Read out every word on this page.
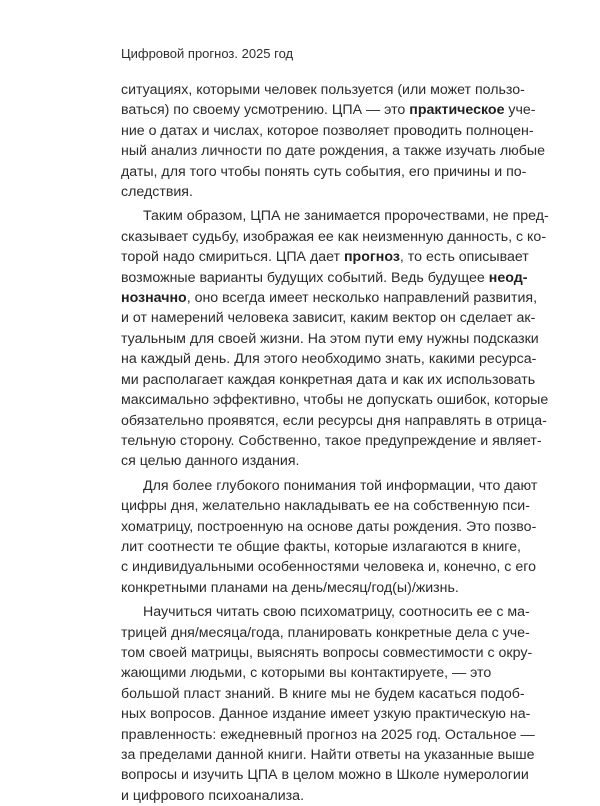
Цифровой прогноз. 2025 год
ситуациях, которыми человек пользуется (или может пользо-
ваться) по своему усмотрению. ЦПА — это практическое уче-
ние о датах и числах, которое позволяет проводить полноцен-
ный анализ личности по дате рождения, а также изучать любые
даты, для того чтобы понять суть события, его причины и по-
следствия.
Таким образом, ЦПА не занимается пророчествами, не пред-
сказывает судьбу, изображая ее как неизменную данность, с ко-
торой надо смириться. ЦПА дает прогноз, то есть описывает
возможные варианты будущих событий. Ведь будущее неод-
нозначно, оно всегда имеет несколько направлений развития,
и от намерений человека зависит, каким вектор он сделает ак-
туальным для своей жизни. На этом пути ему нужны подсказки
на каждый день. Для этого необходимо знать, какими ресурса-
ми располагает каждая конкретная дата и как их использовать
максимально эффективно, чтобы не допускать ошибок, которые
обязательно проявятся, если ресурсы дня направлять в отрица-
тельную сторону. Собственно, такое предупреждение и являет-
ся целью данного издания.
Для более глубокого понимания той информации, что дают
цифры дня, желательно накладывать ее на собственную пси-
хоматрицу, построенную на основе даты рождения. Это позво-
лит соотнести те общие факты, которые излагаются в книге,
с индивидуальными особенностями человека и, конечно, с его
конкретными планами на день/месяц/год(ы)/жизнь.
Научиться читать свою психоматрицу, соотносить ее с ма-
трицей дня/месяца/года, планировать конкретные дела с уче-
том своей матрицы, выяснять вопросы совместимости с окру-
жающими людьми, с которыми вы контактируете, — это
большой пласт знаний. В книге мы не будем касаться подоб-
ных вопросов. Данное издание имеет узкую практическую на-
правленность: ежедневный прогноз на 2025 год. Остальное —
за пределами данной книги. Найти ответы на указанные выше
вопросы и изучить ЦПА в целом можно в Школе нумерологии
и цифрового психоанализа.
